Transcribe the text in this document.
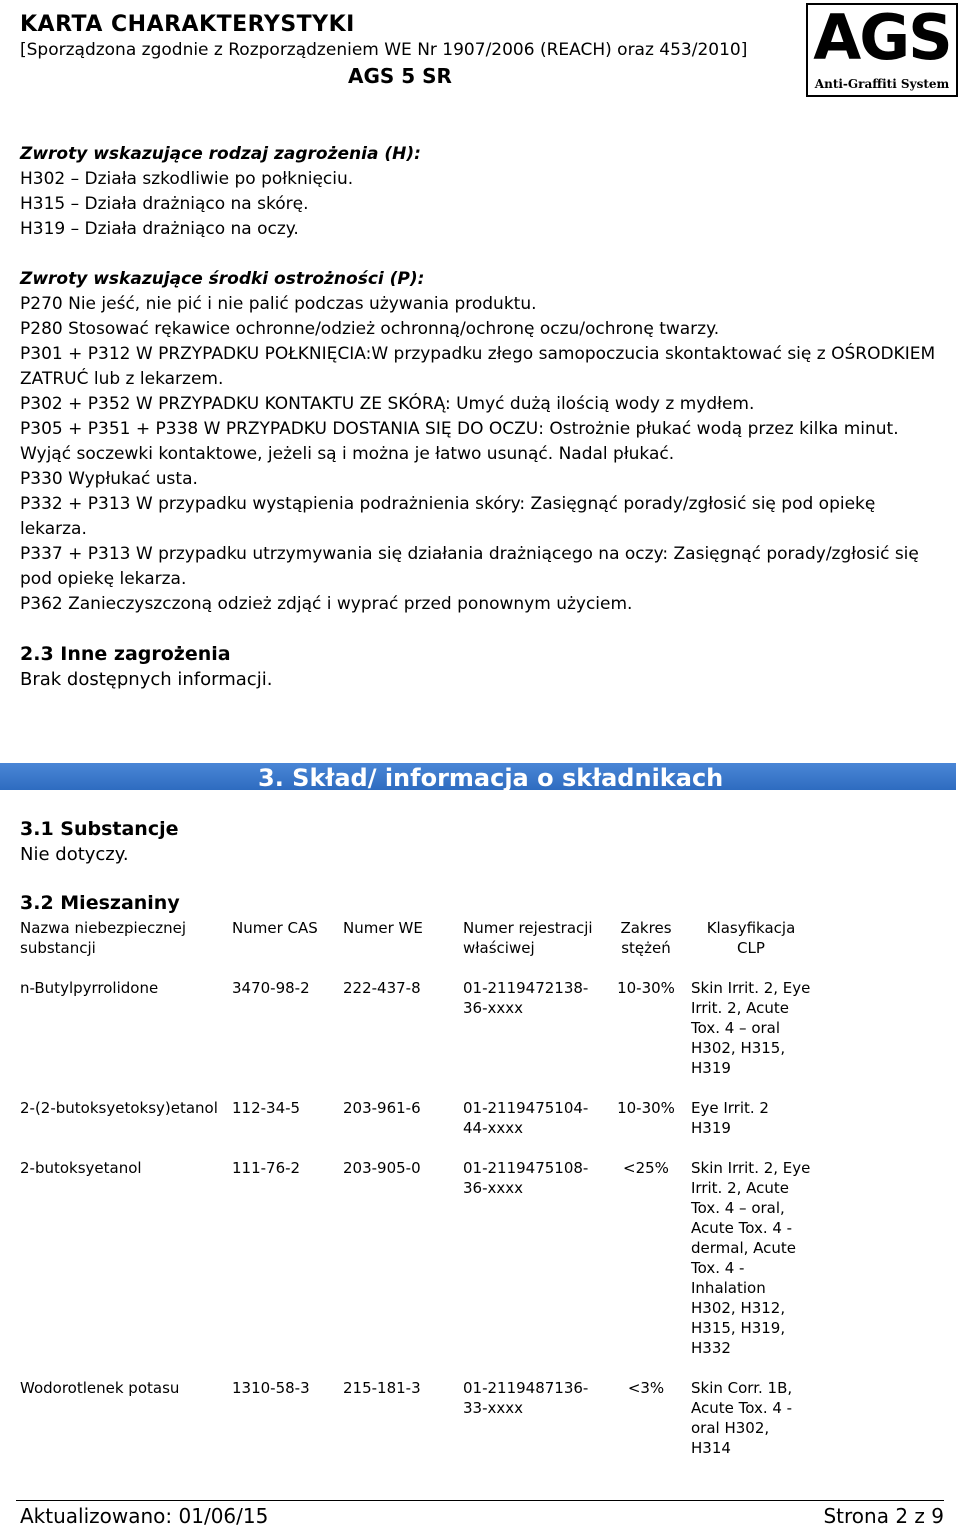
KARTA CHARAKTERYSTYKI
[Sporządzona zgodnie z Rozporządzeniem WE Nr 1907/2006 (REACH) oraz 453/2010]
AGS 5 SR
AGS
Anti-Graffiti System

Zwroty wskazujące rodzaj zagrożenia (H):

H302 – Działa szkodliwie po połknięciu.

H315 – Działa drażniąco na skórę.

H319 – Działa drażniąco na oczy.

Zwroty wskazujące środki ostrożności (P):

P270 Nie jeść, nie pić i nie palić podczas używania produktu.

P280 Stosować rękawice ochronne/odzież ochronną/ochronę oczu/ochronę twarzy.

P301 + P312 W PRZYPADKU POŁKNIĘCIA:W przypadku złego samopoczucia skontaktować się z OŚRODKIEM ZATRUĆ lub z lekarzem.

P302 + P352 W PRZYPADKU KONTAKTU ZE SKÓRĄ: Umyć dużą ilością wody z mydłem.

P305 + P351 + P338 W PRZYPADKU DOSTANIA SIĘ DO OCZU: Ostrożnie płukać wodą przez kilka minut. Wyjąć soczewki kontaktowe, jeżeli są i można je łatwo usunąć. Nadal płukać.

P330 Wypłukać usta.

P332 + P313 W przypadku wystąpienia podrażnienia skóry: Zasięgnąć porady/zgłosić się pod opiekę lekarza.

P337 + P313 W przypadku utrzymywania się działania drażniącego na oczy: Zasięgnąć porady/zgłosić się pod opiekę lekarza.

P362 Zanieczyszczoną odzież zdjąć i wyprać przed ponownym użyciem.

2.3 Inne zagrożenia

Brak dostępnych informacji.

3. Skład/ informacja o składnikach
3.1 Substancje
Nie dotyczy.
3.2 Mieszaniny
Nazwa niebezpiecznej substancji	Numer CAS	Numer WE	Numer rejestracji właściwej	Zakres stężeń	Klasyfikacja CLP
n-Butylpyrrolidone	3470-98-2	222-437-8	01-2119472138-36-xxxx	10-30%	Skin Irrit. 2, Eye Irrit. 2, Acute Tox. 4 – oral H302, H315, H319
2-(2-butoksyetoksy)etanol	112-34-5	203-961-6	01-2119475104-44-xxxx	10-30%	Eye Irrit. 2 H319
2-butoksyetanol	111-76-2	203-905-0	01-2119475108-36-xxxx	<25%	Skin Irrit. 2, Eye Irrit. 2, Acute Tox. 4 – oral, Acute Tox. 4 - dermal, Acute Tox. 4 - Inhalation H302, H312, H315, H319, H332
Wodorotlenek potasu	1310-58-3	215-181-3	01-2119487136-33-xxxx	<3%	Skin Corr. 1B, Acute Tox. 4 - oral H302, H314
Aktualizowano: 01/06/15	Strona 2 z 9
